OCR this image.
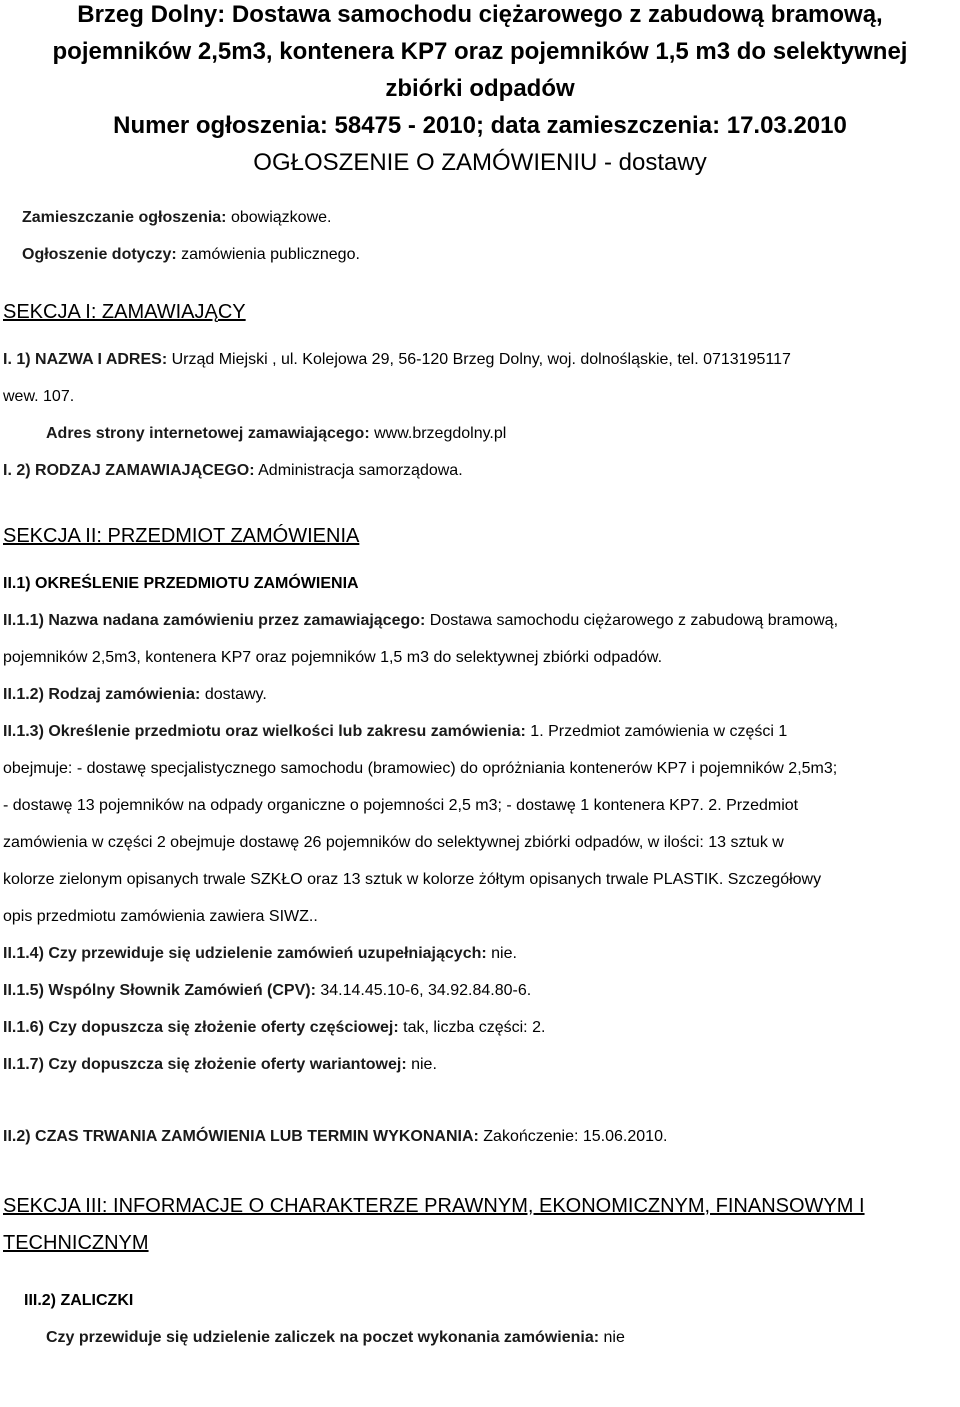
Brzeg Dolny: Dostawa samochodu ciężarowego z zabudową bramową,

pojemników 2,5m3, kontenera KP7 oraz pojemników 1,5 m3 do selektywnej

zbiórki odpadów

Numer ogłoszenia: 58475 - 2010; data zamieszczenia: 17.03.2010

OGŁOSZENIE O ZAMÓWIENIU - dostawy

Zamieszczanie ogłoszenia: obowiązkowe.

Ogłoszenie dotyczy: zamówienia publicznego.

SEKCJA I: ZAMAWIAJĄCY

I. 1) NAZWA I ADRES: Urząd Miejski , ul. Kolejowa 29, 56-120 Brzeg Dolny, woj. dolnośląskie, tel. 0713195117

wew. 107.

Adres strony internetowej zamawiającego: www.brzegdolny.pl

I. 2) RODZAJ ZAMAWIAJĄCEGO: Administracja samorządowa.

SEKCJA II: PRZEDMIOT ZAMÓWIENIA

II.1) OKREŚLENIE PRZEDMIOTU ZAMÓWIENIA

II.1.1) Nazwa nadana zamówieniu przez zamawiającego: Dostawa samochodu ciężarowego z zabudową bramową,

pojemników 2,5m3, kontenera KP7 oraz pojemników 1,5 m3 do selektywnej zbiórki odpadów.

II.1.2) Rodzaj zamówienia: dostawy.

II.1.3) Określenie przedmiotu oraz wielkości lub zakresu zamówienia: 1. Przedmiot zamówienia w części 1

obejmuje: - dostawę specjalistycznego samochodu (bramowiec) do opróżniania kontenerów KP7 i pojemników 2,5m3;

- dostawę 13 pojemników na odpady organiczne o pojemności 2,5 m3; - dostawę 1 kontenera KP7. 2. Przedmiot

zamówienia w części 2 obejmuje dostawę 26 pojemników do selektywnej zbiórki odpadów, w ilości: 13 sztuk w

kolorze zielonym opisanych trwale SZKŁO oraz 13 sztuk w kolorze żółtym opisanych trwale PLASTIK. Szczegółowy

opis przedmiotu zamówienia zawiera SIWZ..

II.1.4) Czy przewiduje się udzielenie zamówień uzupełniających: nie.

II.1.5) Wspólny Słownik Zamówień (CPV): 34.14.45.10-6, 34.92.84.80-6.

II.1.6) Czy dopuszcza się złożenie oferty częściowej: tak, liczba części: 2.

II.1.7) Czy dopuszcza się złożenie oferty wariantowej: nie.

II.2) CZAS TRWANIA ZAMÓWIENIA LUB TERMIN WYKONANIA: Zakończenie: 15.06.2010.

SEKCJA III: INFORMACJE O CHARAKTERZE PRAWNYM, EKONOMICZNYM, FINANSOWYM I

TECHNICZNYM

III.2) ZALICZKI

Czy przewiduje się udzielenie zaliczek na poczet wykonania zamówienia: nie
